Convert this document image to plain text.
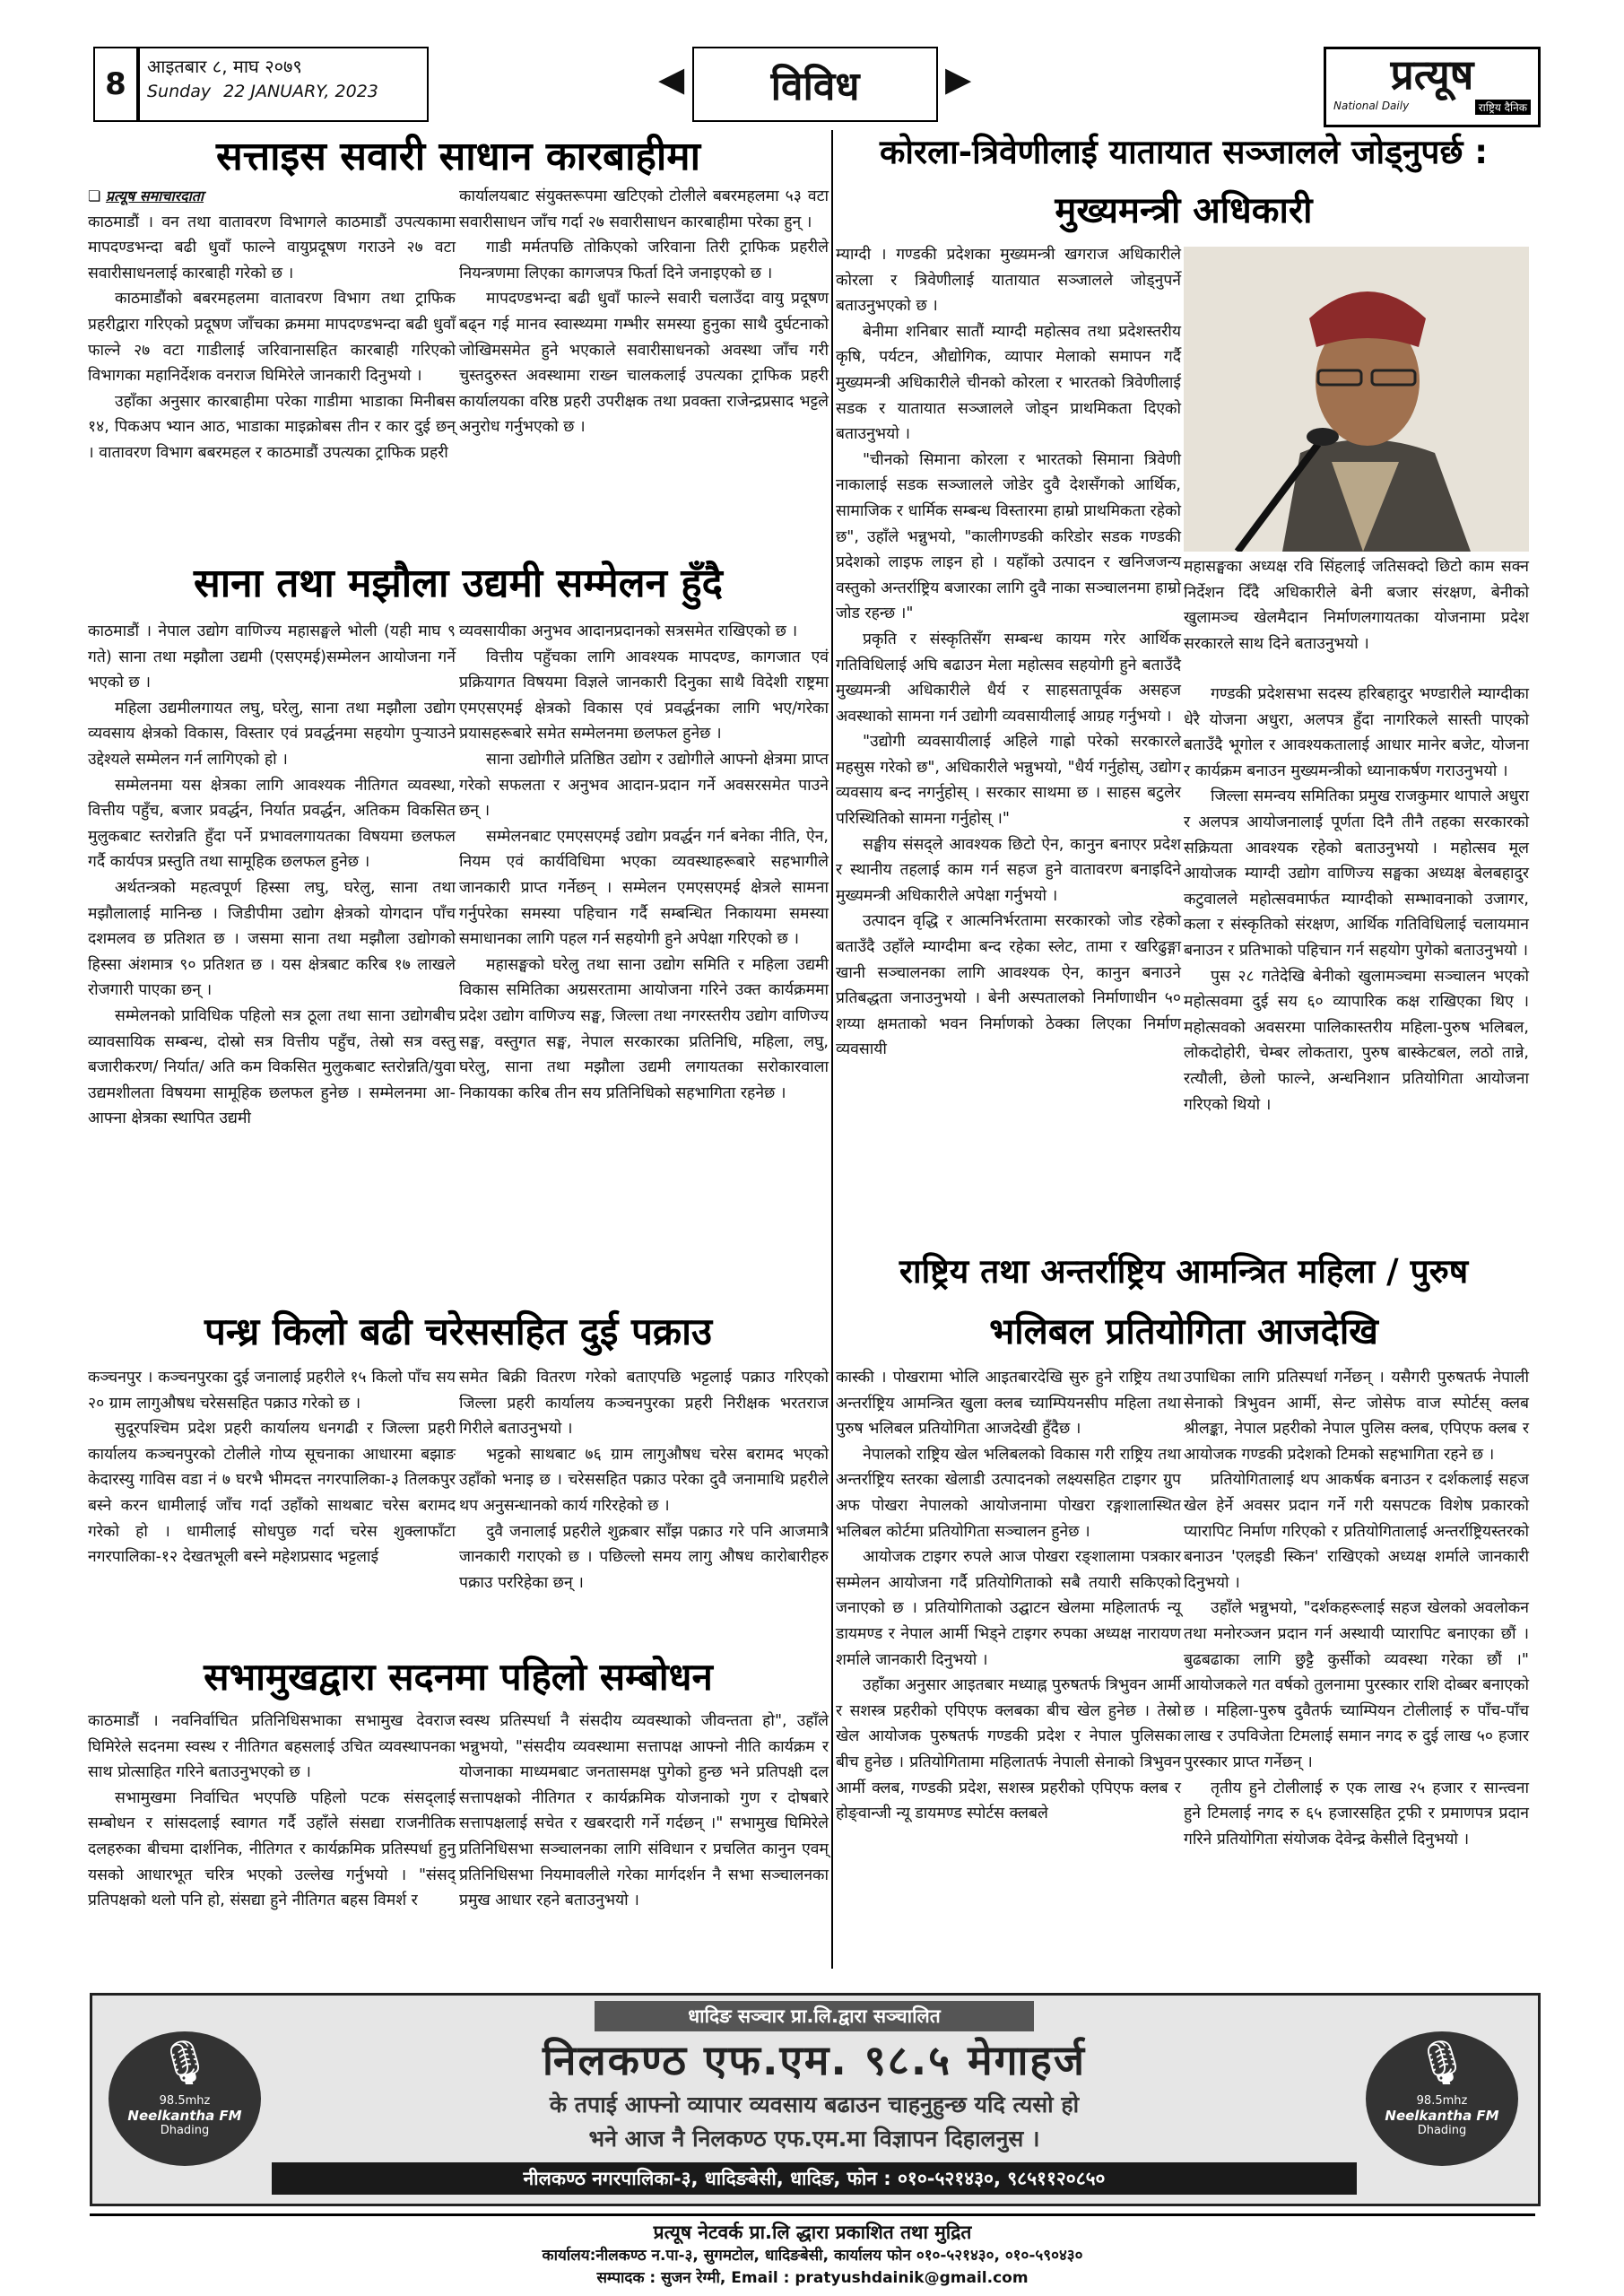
8 आइतबार ८, माघ २०७९
Sunday 22 JANUARY, 2023	◀ विविध	▶	प्रत्यूष
National Daily	राष्ट्रिय दैनिक
सत्ताइस सवारी साधान कारबाहीमा

❏ प्रत्यूष समाचारदाता

काठमाडौं । वन तथा वातावरण विभागले काठमाडौं उपत्यकामा मापदण्डभन्दा बढी धुवाँ फाल्ने वायुप्रदूषण गराउने २७ वटा सवारीसाधनलाई कारबाही गरेको छ ।

काठमाडौंको बबरमहलमा वातावरण विभाग तथा ट्राफिक प्रहरीद्वारा गरिएको प्रदूषण जाँचका क्रममा मापदण्डभन्दा बढी धुवाँ फाल्ने २७ वटा गाडीलाई जरिवानासहित कारबाही गरिएको विभागका महानिर्देशक वनराज घिमिरेले जानकारी दिनुभयो ।

उहाँका अनुसार कारबाहीमा परेका गाडीमा भाडाका मिनीबस १४, पिकअप भ्यान आठ, भाडाका माइक्रोबस तीन र कार दुई छन् । वातावरण विभाग बबरमहल र काठमाडौं उपत्यका ट्राफिक प्रहरी

कार्यालयबाट संयुक्तरूपमा खटिएको टोलीले बबरमहलमा ५३ वटा सवारीसाधन जाँच गर्दा २७ सवारीसाधन कारबाहीमा परेका हुन् ।

गाडी मर्मतपछि तोकिएको जरिवाना तिरी ट्राफिक प्रहरीले नियन्त्रणमा लिएका कागजपत्र फिर्ता दिने जनाइएको छ ।

मापदण्डभन्दा बढी धुवाँ फाल्ने सवारी चलाउँदा वायु प्रदूषण बढ्न गई मानव स्वास्थ्यमा गम्भीर समस्या हुनुका साथै दुर्घटनाको जोखिमसमेत हुने भएकाले सवारीसाधनको अवस्था जाँच गरी चुस्तदुरुस्त अवस्थामा राख्न चालकलाई उपत्यका ट्राफिक प्रहरी कार्यालयका वरिष्ठ प्रहरी उपरीक्षक तथा प्रवक्ता राजेन्द्रप्रसाद भट्टले अनुरोध गर्नुभएको छ ।

साना तथा मझौला उद्यमी सम्मेलन हुँदै

काठमाडौं । नेपाल उद्योग वाणिज्य महासङ्घले भोली (यही माघ ९ गते) साना तथा मझौला उद्यमी (एसएमई)सम्मेलन आयोजना गर्ने भएको छ ।

महिला उद्यमीलगायत लघु, घरेलु, साना तथा मझौला उद्योग व्यवसाय क्षेत्रको विकास, विस्तार एवं प्रवर्द्धनमा सहयोग पुऱ्याउने उद्देश्यले सम्मेलन गर्न लागिएको हो ।

सम्मेलनमा यस क्षेत्रका लागि आवश्यक नीतिगत व्यवस्था, वित्तीय पहुँच, बजार प्रवर्द्धन, निर्यात प्रवर्द्धन, अतिकम विकसित मुलुकबाट स्तरोन्नति हुँदा पर्ने प्रभावलगायतका विषयमा छलफल गर्दै कार्यपत्र प्रस्तुति तथा सामूहिक छलफल हुनेछ ।

अर्थतन्त्रको महत्वपूर्ण हिस्सा लघु, घरेलु, साना तथा मझौलालाई मानिन्छ । जिडीपीमा उद्योग क्षेत्रको योगदान पाँच दशमलव छ प्रतिशत छ । जसमा साना तथा मझौला उद्योगको हिस्सा अंशमात्र ९० प्रतिशत छ । यस क्षेत्रबाट करिब १७ लाखले रोजगारी पाएका छन् ।

सम्मेलनको प्राविधिक पहिलो सत्र ठूला तथा साना उद्योगबीच व्यावसायिक सम्बन्ध, दोस्रो सत्र वित्तीय पहुँच, तेस्रो सत्र वस्तु बजारीकरण/ निर्यात/ अति कम विकसित मुलुकबाट स्तरोन्नति/युवा उद्यमशीलता विषयमा सामूहिक छलफल हुनेछ । सम्मेलनमा आ-आफ्ना क्षेत्रका स्थापित उद्यमी

व्यवसायीका अनुभव आदानप्रदानको सत्रसमेत राखिएको छ ।

वित्तीय पहुँचका लागि आवश्यक मापदण्ड, कागजात एवं प्रक्रियागत विषयमा विज्ञले जानकारी दिनुका साथै विदेशी राष्ट्रमा एमएसएमई क्षेत्रको विकास एवं प्रवर्द्धनका लागि भए/गरेका प्रयासहरूबारे समेत सम्मेलनमा छलफल हुनेछ ।

साना उद्योगीले प्रतिष्ठित उद्योग र उद्योगीले आफ्नो क्षेत्रमा प्राप्त गरेको सफलता र अनुभव आदान-प्रदान गर्ने अवसरसमेत पाउने छन् ।

सम्मेलनबाट एमएसएमई उद्योग प्रवर्द्धन गर्न बनेका नीति, ऐन, नियम एवं कार्यविधिमा भएका व्यवस्थाहरूबारे सहभागीले जानकारी प्राप्त गर्नेछन् । सम्मेलन एमएसएमई क्षेत्रले सामना गर्नुपरेका समस्या पहिचान गर्दै सम्बन्धित निकायमा समस्या समाधानका लागि पहल गर्न सहयोगी हुने अपेक्षा गरिएको छ ।

महासङ्घको घरेलु तथा साना उद्योग समिति र महिला उद्यमी विकास समितिका अग्रसरतामा आयोजना गरिने उक्त कार्यक्रममा प्रदेश उद्योग वाणिज्य सङ्घ, जिल्ला तथा नगरस्तरीय उद्योग वाणिज्य सङ्घ, वस्तुगत सङ्घ, नेपाल सरकारका प्रतिनिधि, महिला, लघु, घरेलु, साना तथा मझौला उद्यमी लगायतका सरोकारवाला निकायका करिब तीन सय प्रतिनिधिको सहभागिता रहनेछ ।

पन्ध्र किलो बढी चरेससहित दुई पक्राउ

कञ्चनपुर । कञ्चनपुरका दुई जनालाई प्रहरीले १५ किलो पाँच सय २० ग्राम लागुऔषध चरेससहित पक्राउ गरेको छ ।

सुदूरपश्चिम प्रदेश प्रहरी कार्यालय धनगढी र जिल्ला प्रहरी कार्यालय कञ्चनपुरको टोलीले गोप्य सूचनाका आधारमा बझाङ केदारस्यु गाविस वडा नं ७ घरभै भीमदत्त नगरपालिका-३ तिलकपुर बस्ने करन धामीलाई जाँच गर्दा उहाँको साथबाट चरेस बरामद गरेको हो । धामीलाई सोधपुछ गर्दा चरेस शुक्लाफाँटा नगरपालिका-१२ देखतभूली बस्ने महेशप्रसाद भट्टलाई

समेत बिक्री वितरण गरेको बताएपछि भट्टलाई पक्राउ गरिएको जिल्ला प्रहरी कार्यालय कञ्चनपुरका प्रहरी निरीक्षक भरतराज गिरीले बताउनुभयो ।

भट्टको साथबाट ७६ ग्राम लागुऔषध चरेस बरामद भएको उहाँको भनाइ छ । चरेससहित पक्राउ परेका दुवै जनामाथि प्रहरीले थप अनुसन्धानको कार्य गरिरहेको छ ।

दुवै जनालाई प्रहरीले शुक्रबार साँझ पक्राउ गरे पनि आजमात्रै जानकारी गराएको छ । पछिल्लो समय लागु औषध कारोबारीहरु पक्राउ पररिहेका छन् ।

सभामुखद्वारा सदनमा पहिलो सम्बोधन

काठमाडौं । नवनिर्वाचित प्रतिनिधिसभाका सभामुख देवराज घिमिरेले सदनमा स्वस्थ र नीतिगत बहसलाई उचित व्यवस्थापनका साथ प्रोत्साहित गरिने बताउनुभएको छ ।

सभामुखमा निर्वाचित भएपछि पहिलो पटक संसद्लाई सम्बोधन र सांसदलाई स्वागत गर्दै उहाँले संसद्या राजनीतिक दलहरुका बीचमा दार्शनिक, नीतिगत र कार्यक्रमिक प्रतिस्पर्धा हुनु यसको आधारभूत चरित्र भएको उल्लेख गर्नुभयो । "संसद् प्रतिपक्षको थलो पनि हो, संसद्या हुने नीतिगत बहस विमर्श र

स्वस्थ प्रतिस्पर्धा नै संसदीय व्यवस्थाको जीवन्तता हो", उहाँले भन्नुभयो, "संसदीय व्यवस्थामा सत्तापक्ष आफ्नो नीति कार्यक्रम र योजनाका माध्यमबाट जनतासमक्ष पुगेको हुन्छ भने प्रतिपक्षी दल सत्तापक्षको नीतिगत र कार्यक्रमिक योजनाको गुण र दोषबारे सत्तापक्षलाई सचेत र खबरदारी गर्ने गर्दछन् ।" सभामुख घिमिरेले प्रतिनिधिसभा सञ्चालनका लागि संविधान र प्रचलित कानुन एवम् प्रतिनिधिसभा नियमावलीले गरेका मार्गदर्शन नै सभा सञ्चालनका प्रमुख आधार रहने बताउनुभयो ।

कोरला-त्रिवेणीलाई यातायात सञ्जालले जोड्नुपर्छ :
मुख्यमन्त्री अधिकारी

म्याग्दी । गण्डकी प्रदेशका मुख्यमन्त्री खगराज अधिकारीले कोरला र त्रिवेणीलाई यातायात सञ्जालले जोड्नुपर्ने बताउनुभएको छ ।

बेनीमा शनिबार सातौं म्याग्दी महोत्सव तथा प्रदेशस्तरीय कृषि, पर्यटन, औद्योगिक, व्यापार मेलाको समापन गर्दै मुख्यमन्त्री अधिकारीले चीनको कोरला र भारतको त्रिवेणीलाई सडक र यातायात सञ्जालले जोड्न प्राथमिकता दिएको बताउनुभयो ।

"चीनको सिमाना कोरला र भारतको सिमाना त्रिवेणी नाकालाई सडक सञ्जालले जोडेर दुवै देशसँगको आर्थिक, सामाजिक र धार्मिक सम्बन्ध विस्तारमा हाम्रो प्राथमिकता रहेको छ", उहाँले भन्नुभयो, "कालीगण्डकी करिडोर सडक गण्डकी प्रदेशको लाइफ लाइन हो । यहाँको उत्पादन र खनिजजन्य वस्तुको अन्तर्राष्ट्रिय बजारका लागि दुवै नाका सञ्चालनमा हाम्रो जोड रहन्छ ।"

प्रकृति र संस्कृतिसँग सम्बन्ध कायम गरेर आर्थिक गतिविधिलाई अघि बढाउन मेला महोत्सव सहयोगी हुने बताउँदै मुख्यमन्त्री अधिकारीले धैर्य र साहसतापूर्वक असहज अवस्थाको सामना गर्न उद्योगी व्यवसायीलाई आग्रह गर्नुभयो ।

"उद्योगी व्यवसायीलाई अहिले गाह्रो परेको सरकारले महसुस गरेको छ", अधिकारीले भन्नुभयो, "धैर्य गर्नुहोस्, उद्योग व्यवसाय बन्द नगर्नुहोस् । सरकार साथमा छ । साहस बटुलेर परिस्थितिको सामना गर्नुहोस् ।"

सङ्घीय संसद्ले आवश्यक छिटो ऐन, कानुन बनाएर प्रदेश र स्थानीय तहलाई काम गर्न सहज हुने वातावरण बनाइदिने मुख्यमन्त्री अधिकारीले अपेक्षा गर्नुभयो ।

उत्पादन वृद्धि र आत्मनिर्भरतामा सरकारको जोड रहेको बताउँदै उहाँले म्याग्दीमा बन्द रहेका स्लेट, तामा र खरिढुङ्गा खानी सञ्चालनका लागि आवश्यक ऐन, कानुन बनाउने प्रतिबद्धता जनाउनुभयो । बेनी अस्पतालको निर्माणाधीन ५० शय्या क्षमताको भवन निर्माणको ठेक्का लिएका निर्माण व्यवसायी

महासङ्घका अध्यक्ष रवि सिंहलाई जतिसक्दो छिटो काम सक्न निर्देशन दिँदै अधिकारीले बेनी बजार संरक्षण, बेनीको खुलामञ्च खेलमैदान निर्माणलगायतका योजनामा प्रदेश सरकारले साथ दिने बताउनुभयो ।

गण्डकी प्रदेशसभा सदस्य हरिबहादुर भण्डारीले म्याग्दीका धेरै योजना अधुरा, अलपत्र हुँदा नागरिकले सास्ती पाएको बताउँदै भूगोल र आवश्यकतालाई आधार मानेर बजेट, योजना र कार्यक्रम बनाउन मुख्यमन्त्रीको ध्यानाकर्षण गराउनुभयो ।

जिल्ला समन्वय समितिका प्रमुख राजकुमार थापाले अधुरा र अलपत्र आयोजनालाई पूर्णता दिनै तीनै तहका सरकारको सक्रियता आवश्यक रहेको बताउनुभयो । महोत्सव मूल आयोजक म्याग्दी उद्योग वाणिज्य सङ्घका अध्यक्ष बेलबहादुर कटुवालले महोत्सवमार्फत म्याग्दीको सम्भावनाको उजागर, कला र संस्कृतिको संरक्षण, आर्थिक गतिविधिलाई चलायमान बनाउन र प्रतिभाको पहिचान गर्न सहयोग पुगेको बताउनुभयो ।

पुस २८ गतेदेखि बेनीको खुलामञ्चमा सञ्चालन भएको महोत्सवमा दुई सय ६० व्यापारिक कक्ष राखिएका थिए । महोत्सवको अवसरमा पालिकास्तरीय महिला-पुरुष भलिबल, लोकदोहोरी, चेम्बर लोकतारा, पुरुष बास्केटबल, लठो तान्ने, रत्यौली, छेलो फाल्ने, अन्धनिशान प्रतियोगिता आयोजना गरिएको थियो ।

राष्ट्रिय तथा अन्तर्राष्ट्रिय आमन्त्रित महिला / पुरुष
भलिबल प्रतियोगिता आजदेखि

कास्की । पोखरामा भोलि आइतबारदेखि सुरु हुने राष्ट्रिय तथा अन्तर्राष्ट्रिय आमन्त्रित खुला क्लब च्याम्पियनसीप महिला तथा पुरुष भलिबल प्रतियोगिता आजदेखी हुँदैछ ।

नेपालको राष्ट्रिय खेल भलिबलको विकास गरी राष्ट्रिय तथा अन्तर्राष्ट्रिय स्तरका खेलाडी उत्पादनको लक्ष्यसहित टाइगर ग्रुप अफ पोखरा नेपालको आयोजनामा पोखरा रङ्गशालास्थित भलिबल कोर्टमा प्रतियोगिता सञ्चालन हुनेछ ।

आयोजक टाइगर रुपले आज पोखरा रङ्शालामा पत्रकार सम्मेलन आयोजना गर्दै प्रतियोगिताको सबै तयारी सकिएको जनाएको छ । प्रतियोगिताको उद्घाटन खेलमा महिलातर्फ न्यू डायमण्ड र नेपाल आर्मी भिड्ने टाइगर रुपका अध्यक्ष नारायण शर्माले जानकारी दिनुभयो ।

उहाँका अनुसार आइतबार मध्याह्न पुरुषतर्फ त्रिभुवन आर्मी र सशस्त्र प्रहरीको एपिएफ क्लबका बीच खेल हुनेछ । तेस्रो खेल आयोजक पुरुषतर्फ गण्डकी प्रदेश र नेपाल पुलिसका बीच हुनेछ । प्रतियोगितामा महिलातर्फ नेपाली सेनाको त्रिभुवन आर्मी क्लब, गण्डकी प्रदेश, सशस्त्र प्रहरीको एपिएफ क्लब र होङ्वान्जी न्यू डायमण्ड स्पोर्टस क्लबले

उपाधिका लागि प्रतिस्पर्धा गर्नेछन् । यसैगरी पुरुषतर्फ नेपाली सेनाको त्रिभुवन आर्मी, सेन्ट जोसेफ वाज स्पोर्टस् क्लब श्रीलङ्का, नेपाल प्रहरीको नेपाल पुलिस क्लब, एपिएफ क्लब र आयोजक गण्डकी प्रदेशको टिमको सहभागिता रहने छ ।

प्रतियोगितालाई थप आकर्षक बनाउन र दर्शकलाई सहज खेल हेर्ने अवसर प्रदान गर्ने गरी यसपटक विशेष प्रकारको प्यारापिट निर्माण गरिएको र प्रतियोगितालाई अन्तर्राष्ट्रियस्तरको बनाउन 'एलइडी स्किन' राखिएको अध्यक्ष शर्माले जानकारी दिनुभयो ।

उहाँले भन्नुभयो, "दर्शकहरूलाई सहज खेलको अवलोकन तथा मनोरञ्जन प्रदान गर्न अस्थायी प्यारापिट बनाएका छौं । बुढबढाका लागि छुट्टै कुर्सीको व्यवस्था गरेका छौं ।" आयोजकले गत वर्षको तुलनामा पुरस्कार राशि दोब्बर बनाएको छ । महिला-पुरुष दुवैतर्फ च्याम्पियन टोलीलाई रु पाँच-पाँच लाख र उपविजेता टिमलाई समान नगद रु दुई लाख ५० हजार पुरस्कार प्राप्त गर्नेछन् ।

तृतीय हुने टोलीलाई रु एक लाख २५ हजार र सान्त्वना हुने टिमलाई नगद रु ६५ हजारसहित ट्रफी र प्रमाणपत्र प्रदान गरिने प्रतियोगिता संयोजक देवेन्द्र केसीले दिनुभयो ।

🎙
98.5mhz
Neelkantha FM
Dhading
🎙
98.5mhz
Neelkantha FM
Dhading
धादिङ सञ्चार प्रा.लि.द्वारा सञ्चालित
निलकण्ठ एफ.एम. ९८.५ मेगाहर्ज
के तपाई आफ्नो व्यापार व्यवसाय बढाउन चाहनुहुन्छ यदि त्यसो हो
भने आज नै निलकण्ठ एफ.एम.मा विज्ञापन दिहालनुस ।
नीलकण्ठ नगरपालिका-३, धादिङबेसी, धादिङ, फोन : ०१०-५२१४३०, ९८५११२०८५०
प्रत्यूष नेटवर्क प्रा.लि द्धारा प्रकाशित तथा मुद्रित
कार्यालय:नीलकण्ठ न.पा-३, सुगमटोल, धादिङबेसी, कार्यालय फोन ०१०-५२१४३०, ०१०-५९०४३०
सम्पादक : सुजन रेग्मी, Email : pratyushdainik@gmail.com
